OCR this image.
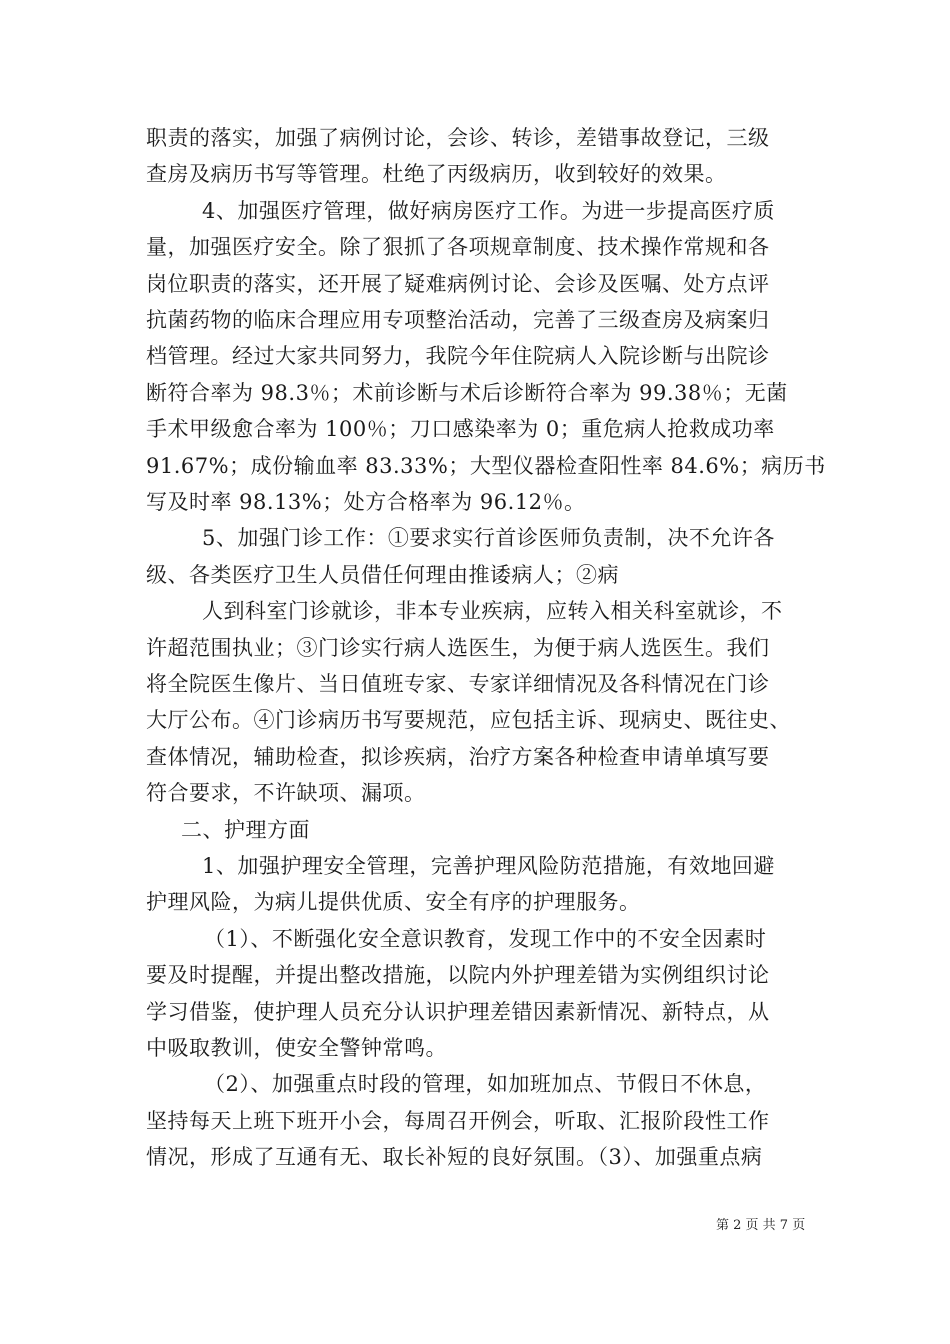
职责的落实，加强了病例讨论，会诊、转诊，差错事故登记，三级
查房及病历书写等管理。杜绝了丙级病历，收到较好的效果。
4、加强医疗管理，做好病房医疗工作。为进一步提高医疗质
量，加强医疗安全。除了狠抓了各项规章制度、技术操作常规和各
岗位职责的落实，还开展了疑难病例讨论、会诊及医嘱、处方点评
抗菌药物的临床合理应用专项整治活动，完善了三级查房及病案归
档管理。经过大家共同努力，我院今年住院病人入院诊断与出院诊
断符合率为 98.3％；术前诊断与术后诊断符合率为 99.38％；无菌
手术甲级愈合率为 100％；刀口感染率为 0；重危病人抢救成功率
91.67%；成份输血率 83.33%；大型仪器检查阳性率 84.6%；病历书
写及时率 98.13%；处方合格率为 96.12％。
5、加强门诊工作：①要求实行首诊医师负责制，决不允许各
级、各类医疗卫生人员借任何理由推诿病人；②病
人到科室门诊就诊，非本专业疾病，应转入相关科室就诊，不
许超范围执业；③门诊实行病人选医生，为便于病人选医生。我们
将全院医生像片、当日值班专家、专家详细情况及各科情况在门诊
大厅公布。④门诊病历书写要规范，应包括主诉、现病史、既往史、
查体情况，辅助检查，拟诊疾病，治疗方案各种检查申请单填写要
符合要求，不许缺项、漏项。
二、护理方面
1、加强护理安全管理，完善护理风险防范措施，有效地回避
护理风险，为病儿提供优质、安全有序的护理服务。
（1）、不断强化安全意识教育，发现工作中的不安全因素时
要及时提醒，并提出整改措施，以院内外护理差错为实例组织讨论
学习借鉴，使护理人员充分认识护理差错因素新情况、新特点，从
中吸取教训，使安全警钟常鸣。
（2）、加强重点时段的管理，如加班加点、节假日不休息，
坚持每天上班下班开小会，每周召开例会，听取、汇报阶段性工作
情况，形成了互通有无、取长补短的良好氛围。（3）、加强重点病
第 2 页 共 7 页
